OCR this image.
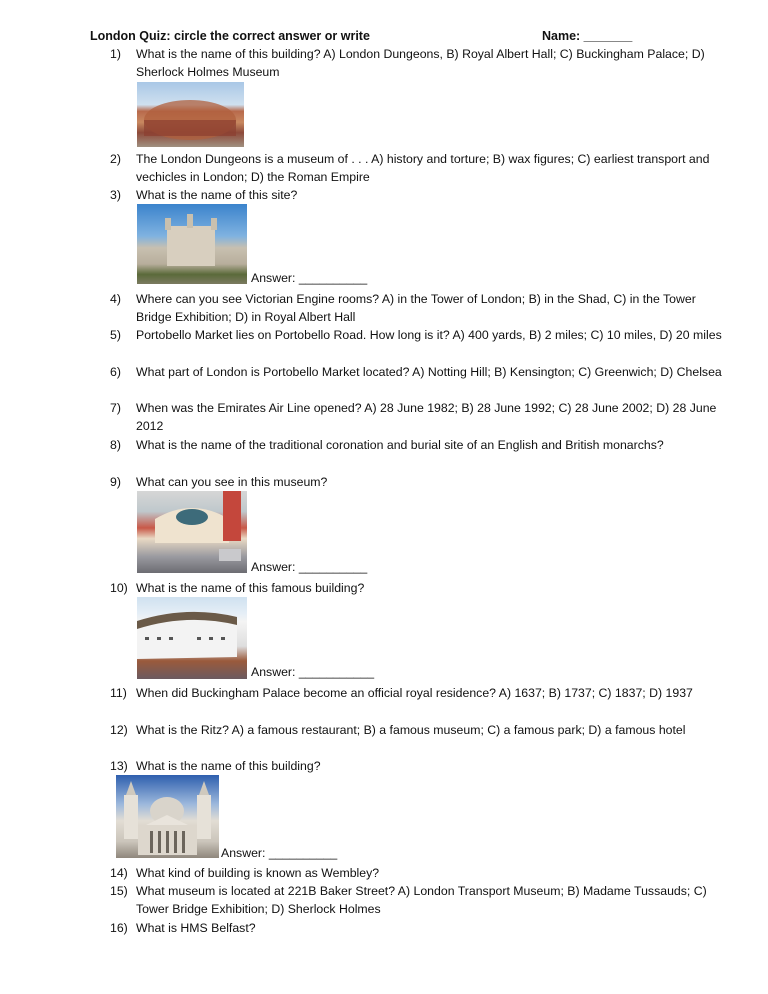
London Quiz: circle the correct answer or write	Name: _______
1)	What is the name of this building? A) London Dungeons, B) Royal Albert Hall; C) Buckingham Palace; D) Sherlock Holmes Museum
2)	The London Dungeons is a museum of . . . A) history and torture; B) wax figures; C) earliest transport and vechicles in London; D) the Roman Empire
3)	What is the name of this site?
Answer: __________
4)	Where can you see Victorian Engine rooms? A) in the Tower of London; B) in the Shad, C) in the Tower Bridge Exhibition; D) in Royal Albert Hall
5)	Portobello Market lies on Portobello Road. How long is it? A) 400 yards, B) 2 miles; C) 10 miles, D) 20 miles
6)	What part of London is Portobello Market located? A) Notting Hill; B) Kensington; C) Greenwich; D) Chelsea
7)	When was the Emirates Air Line opened? A) 28 June 1982; B) 28 June 1992; C) 28 June 2002; D) 28 June 2012
8)	What is the name of the traditional coronation and burial site of an English and British monarchs?
9)	What can you see in this museum?
Answer: __________
10) What is the name of this famous building?
Answer: ___________
11) When did Buckingham Palace become an official royal residence? A) 1637; B) 1737; C) 1837; D) 1937
12) What is the Ritz? A) a famous restaurant; B) a famous museum; C) a famous park; D) a famous hotel
13) What is the name of this building?
Answer: __________
14) What kind of building is known as Wembley?
15) What museum is located at 221B Baker Street? A) London Transport Museum; B) Madame Tussauds; C) Tower Bridge Exhibition; D) Sherlock Holmes
16) What is HMS Belfast?
